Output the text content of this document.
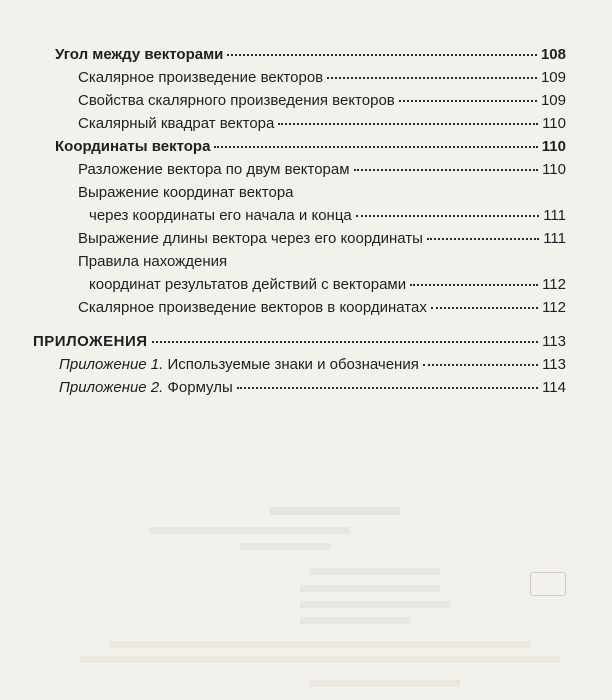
Угол между векторами	108
Скалярное произведение векторов	109
Свойства скалярного произведения векторов	109
Скалярный квадрат вектора	110
Координаты вектора	110
Разложение вектора по двум векторам	110
Выражение координат вектора
через координаты его начала и конца	111
Выражение длины вектора через его координаты	111
Правила нахождения
координат результатов действий с векторами	112
Скалярное произведение векторов в координатах	112
ПРИЛОЖЕНИЯ	113
Приложение 1. Используемые знаки и обозначения	113
Приложение 2. Формулы	114
